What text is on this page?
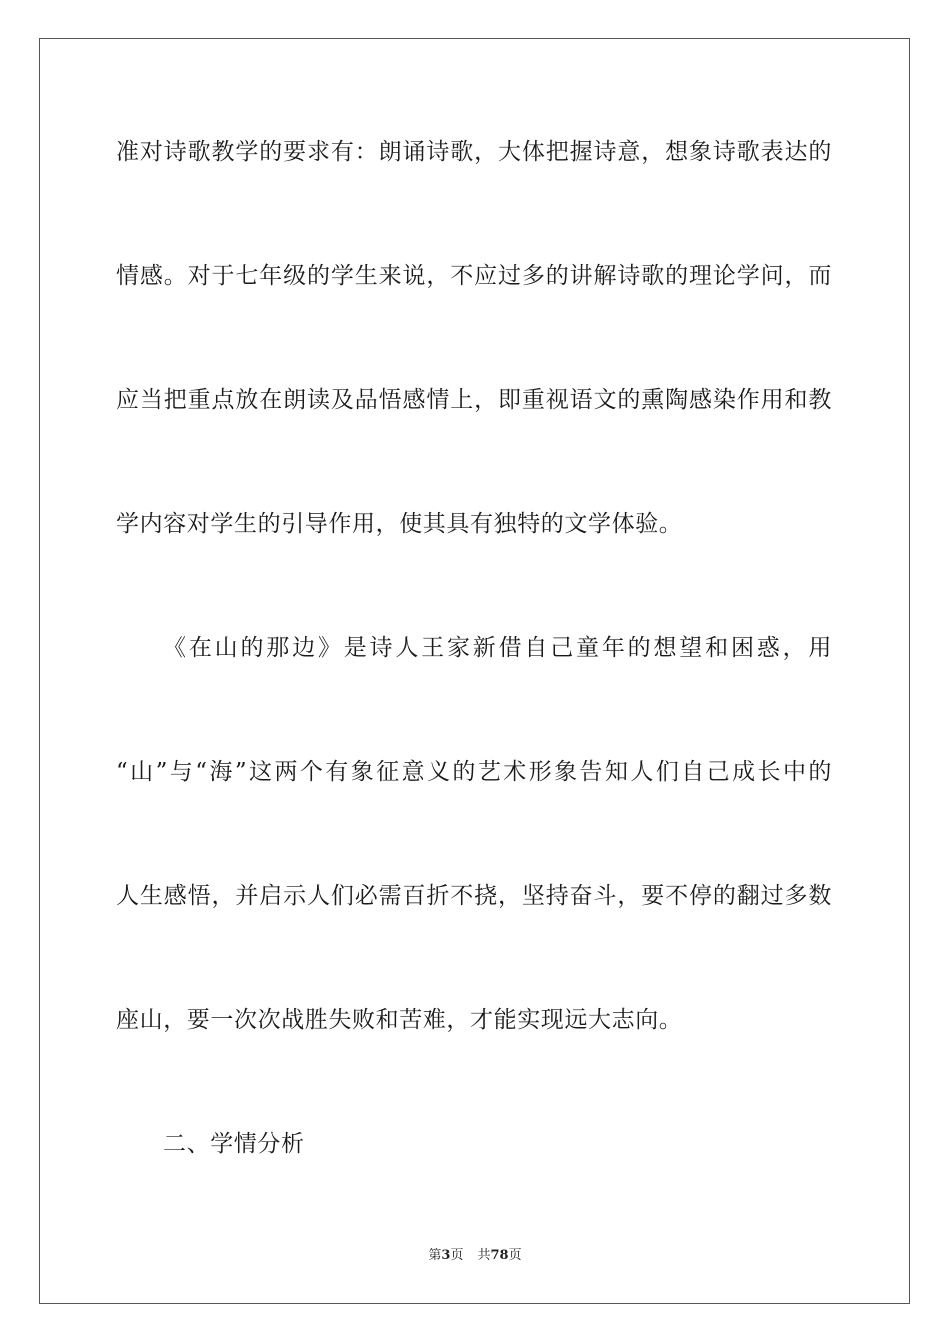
准对诗歌教学的要求有：朗诵诗歌，大体把握诗意，想象诗歌表达的
情感。对于七年级的学生来说，不应过多的讲解诗歌的理论学问，而
应当把重点放在朗读及品悟感情上，即重视语文的熏陶感染作用和教
学内容对学生的引导作用，使其具有独特的文学体验。
《在山的那边》是诗人王家新借自己童年的想望和困惑，用
“山”与“海”这两个有象征意义的艺术形象告知人们自己成长中的
人生感悟，并启示人们必需百折不挠，坚持奋斗，要不停的翻过多数
座山，要一次次战胜失败和苦难，才能实现远大志向。
二、学情分析
第3页 共78页
